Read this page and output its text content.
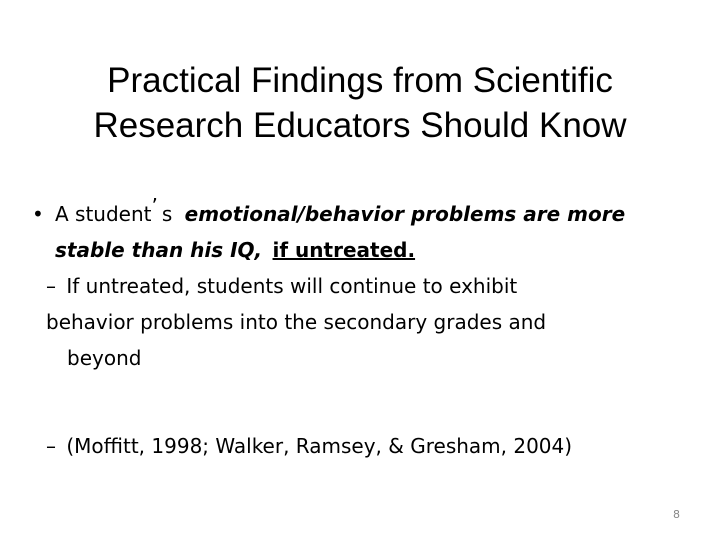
Practical Findings from Scientific
Research Educators Should Know
• A student’ s emotional/behavior problems are more
stable than his IQ, if untreated.
– If untreated, students will continue to exhibit
behavior problems into the secondary grades and
beyond
– (Moffitt, 1998; Walker, Ramsey, & Gresham, 2004)
8
